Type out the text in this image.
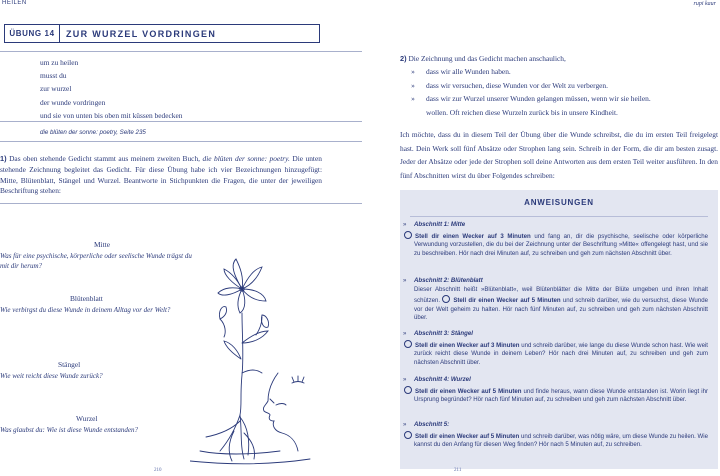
HEILEN	rupi kaur
ÜBUNG 14	ZUR WURZEL VORDRINGEN
um zu heilen
musst du
zur wurzel
der wunde vordringen
und sie von unten bis oben mit küssen bedecken
die blüten der sonne: poetry, Seite 235
1) Das oben stehende Gedicht stammt aus meinem zweiten Buch, die blüten der sonne: poetry. Die unten stehende Zeichnung begleitet das Gedicht. Für diese Übung habe ich vier Bezeichnungen hinzugefügt: Mitte, Blütenblatt, Stängel und Wurzel. Beantworte in Stichpunkten die Fragen, die unter der jeweiligen Beschriftung stehen:
Mitte
Was für eine psychische, körperliche oder seelische Wunde trägst du mit dir herum?
Blütenblatt
Wie verbirgst du diese Wunde in deinem Alltag vor der Welt?
Stängel
Wie weit reicht diese Wunde zurück?
Wurzel
Was glaubst du: Wie ist diese Wunde entstanden?
2) Die Zeichnung und das Gedicht machen anschaulich,
»	dass wir alle Wunden haben.
»	dass wir versuchen, diese Wunden vor der Welt zu verbergen.
»	dass wir zur Wurzel unserer Wunden gelangen müssen, wenn wir sie heilen.
wollen. Oft reichen diese Wurzeln zurück bis in unsere Kindheit.
Ich möchte, dass du in diesem Teil der Übung über die Wunde schreibst, die du im ersten Teil freigelegt hast. Dein Werk soll fünf Absätze oder Strophen lang sein. Schreib in der Form, die dir am besten zusagt. Jeder der Absätze oder jede der Strophen soll deine Antworten aus dem ersten Teil weiter ausführen. In den fünf Abschnitten wirst du über Folgendes schreiben:
ANWEISUNGEN
» Abschnitt 1: Mitte
Stell dir einen Wecker auf 3 Minuten und fang an, dir die psychische, seelische oder körperliche Verwundung vorzustellen, die du bei der Zeichnung unter der Beschriftung »Mitte« offengelegt hast, und sie zu beschreiben. Hör nach drei Minuten auf, zu schreiben und geh zum nächsten Abschnitt über.
» Abschnitt 2: Blütenblatt
Dieser Abschnitt heißt »Blütenblatt«, weil Blütenblätter die Mitte der Blüte umgeben und ihren Inhalt schützen. Stell dir einen Wecker auf 5 Minuten und schreib darüber, wie du versuchst, diese Wunde vor der Welt geheim zu halten. Hör nach fünf Minuten auf, zu schreiben und geh zum nächsten Abschnitt über.
» Abschnitt 3: Stängel
Stell dir einen Wecker auf 3 Minuten und schreib darüber, wie lange du diese Wunde schon hast. Wie weit zurück reicht diese Wunde in deinem Leben? Hör nach drei Minuten auf, zu schreiben und geh zum nächsten Abschnitt über.
» Abschnitt 4: Wurzel
Stell dir einen Wecker auf 5 Minuten und finde heraus, wann diese Wunde entstanden ist. Worin liegt ihr Ursprung begründet? Hör nach fünf Minuten auf, zu schreiben und geh zum nächsten Abschnitt über.
» Abschnitt 5:
Stell dir einen Wecker auf 5 Minuten und schreib darüber, was nötig wäre, um diese Wunde zu heilen. Wie kannst du den Anfang für diesen Weg finden? Hör nach 5 Minuten auf, zu schreiben.
210	211
